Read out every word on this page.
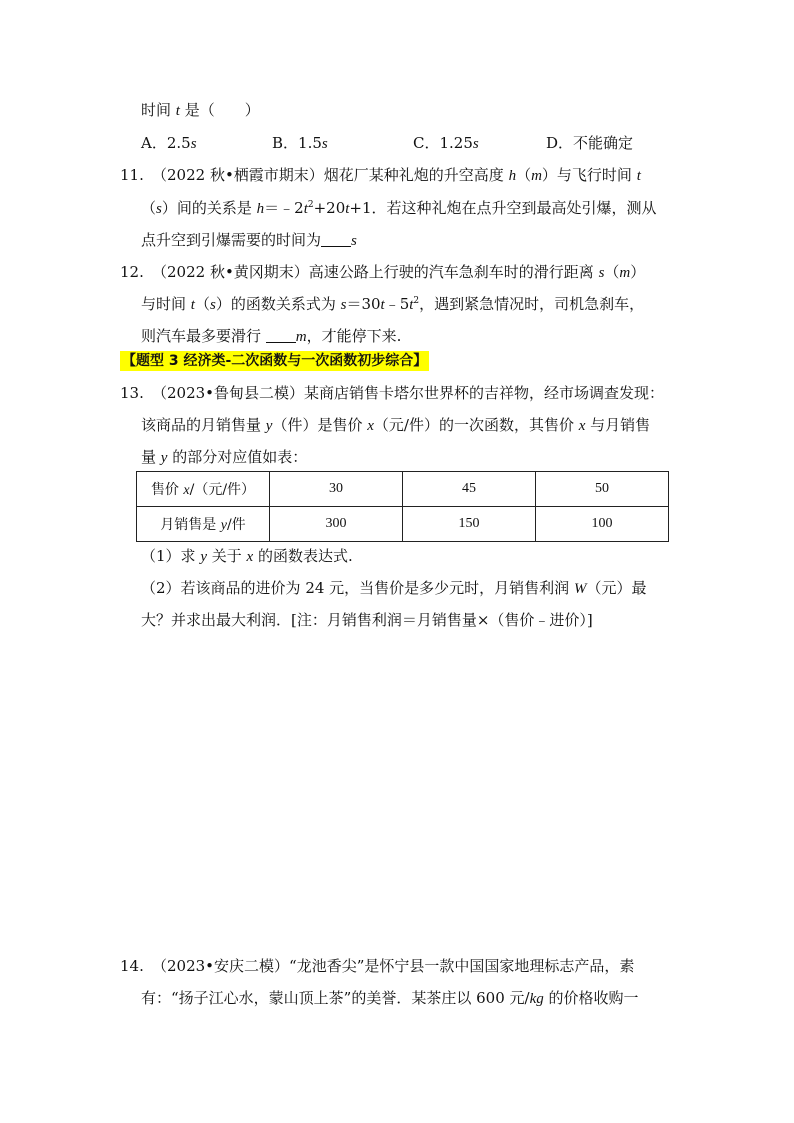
时间 t 是（　　）
A．2.5s	B．1.5s	C．1.25s	D．不能确定
11. （2022 秋•栖霞市期末）烟花厂某种礼炮的升空高度 h（m）与飞行时间 t
（s）间的关系是 $h=﹣2t^2+20t+1$．若这种礼炮在点升空到最高处引爆，测从
点升空到引爆需要的时间为 s
12. （2022 秋•黄冈期末）高速公路上行驶的汽车急刹车时的滑行距离 s（m）
与时间 t（s）的函数关系式为 $s=30t﹣5t^2$，遇到紧急情况时，司机急刹车，
则汽车最多要滑行 m，才能停下来.
【题型 3 经济类-二次函数与一次函数初步综合】
13. （2023•鲁甸县二模）某商店销售卡塔尔世界杯的吉祥物，经市场调查发现：
该商品的月销售量 y（件）是售价 x（元/件）的一次函数，其售价 x 与月销售
量 y 的部分对应值如表：
售价 x/（元/件）	30	45	50
月销售是 y/件	300	150	100
（1）求 y 关于 x 的函数表达式.
（2）若该商品的进价为 24 元，当售价是多少元时，月销售利润 W（元）最
大？并求出最大利润．[注：月销售利润＝月销售量×（售价﹣进价）]
14. （2023•安庆二模）“龙池香尖”是怀宁县一款中国国家地理标志产品，素
有：“扬子江心水，蒙山顶上茶”的美誉．某茶庄以 600 元/kg 的价格收购一
